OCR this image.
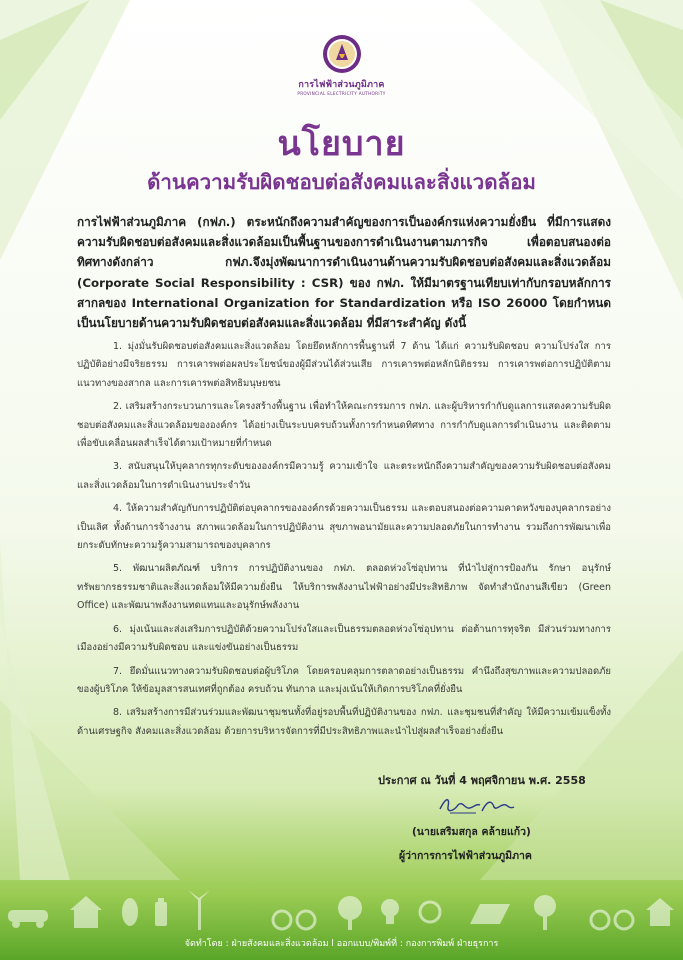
การไฟฟ้าส่วนภูมิภาค
PROVINCIAL ELECTRICITY AUTHORITY
นโยบาย
ด้านความรับผิดชอบต่อสังคมและสิ่งแวดล้อม
การไฟฟ้าส่วนภูมิภาค (กฟภ.) ตระหนักถึงความสำคัญของการเป็นองค์กรแห่งความยั่งยืน ที่มีการแสดงความรับผิดชอบต่อสังคมและสิ่งแวดล้อมเป็นพื้นฐานของการดำเนินงานตามภารกิจ เพื่อตอบสนองต่อทิศทางดังกล่าว กฟภ.จึงมุ่งพัฒนาการดำเนินงานด้านความรับผิดชอบต่อสังคมและสิ่งแวดล้อม (Corporate Social Responsibility : CSR) ของ กฟภ. ให้มีมาตรฐานเทียบเท่ากับกรอบหลักการสากลของ International Organization for Standardization หรือ ISO 26000 โดยกำหนดเป็นนโยบายด้านความรับผิดชอบต่อสังคมและสิ่งแวดล้อม ที่มีสาระสำคัญ ดังนี้
1. มุ่งมั่นรับผิดชอบต่อสังคมและสิ่งแวดล้อม โดยยึดหลักการพื้นฐานที่ 7 ด้าน ได้แก่ ความรับผิดชอบ ความโปร่งใส การปฏิบัติอย่างมีจริยธรรม การเคารพต่อผลประโยชน์ของผู้มีส่วนได้ส่วนเสีย การเคารพต่อหลักนิติธรรม การเคารพต่อการปฏิบัติตามแนวทางของสากล และการเคารพต่อสิทธิมนุษยชน
2. เสริมสร้างกระบวนการและโครงสร้างพื้นฐาน เพื่อทำให้คณะกรรมการ กฟภ. และผู้บริหารกำกับดูแลการแสดงความรับผิดชอบต่อสังคมและสิ่งแวดล้อมขององค์กร ได้อย่างเป็นระบบครบถ้วนทั้งการกำหนดทิศทาง การกำกับดูแลการดำเนินงาน และติดตามเพื่อขับเคลื่อนผลสำเร็จได้ตามเป้าหมายที่กำหนด
3. สนับสนุนให้บุคลากรทุกระดับขององค์กรมีความรู้ ความเข้าใจ และตระหนักถึงความสำคัญของความรับผิดชอบต่อสังคมและสิ่งแวดล้อมในการดำเนินงานประจำวัน
4. ให้ความสำคัญกับการปฏิบัติต่อบุคลากรขององค์กรด้วยความเป็นธรรม และตอบสนองต่อความคาดหวังของบุคลากรอย่างเป็นเลิศ ทั้งด้านการจ้างงาน สภาพแวดล้อมในการปฏิบัติงาน สุขภาพอนามัยและความปลอดภัยในการทำงาน รวมถึงการพัฒนาเพื่อยกระดับทักษะความรู้ความสามารถของบุคลากร
5. พัฒนาผลิตภัณฑ์ บริการ การปฏิบัติงานของ กฟภ. ตลอดห่วงโซ่อุปทาน ที่นำไปสู่การป้องกัน รักษา อนุรักษ์ทรัพยากรธรรมชาติและสิ่งแวดล้อมให้มีความยั่งยืน ให้บริการพลังงานไฟฟ้าอย่างมีประสิทธิภาพ จัดทำสำนักงานสีเขียว (Green Office) และพัฒนาพลังงานทดแทนและอนุรักษ์พลังงาน
6. มุ่งเน้นและส่งเสริมการปฏิบัติด้วยความโปร่งใสและเป็นธรรมตลอดห่วงโซ่อุปทาน ต่อต้านการทุจริต มีส่วนร่วมทางการเมืองอย่างมีความรับผิดชอบ และแข่งขันอย่างเป็นธรรม
7. ยึดมั่นแนวทางความรับผิดชอบต่อผู้บริโภค โดยครอบคลุมการตลาดอย่างเป็นธรรม คำนึงถึงสุขภาพและความปลอดภัยของผู้บริโภค ให้ข้อมูลสารสนเทศที่ถูกต้อง ครบถ้วน ทันกาล และมุ่งเน้นให้เกิดการบริโภคที่ยั่งยืน
8. เสริมสร้างการมีส่วนร่วมและพัฒนาชุมชนทั้งที่อยู่รอบพื้นที่ปฏิบัติงานของ กฟภ. และชุมชนที่สำคัญ ให้มีความเข้มแข็งทั้งด้านเศรษฐกิจ สังคมและสิ่งแวดล้อม ด้วยการบริหารจัดการที่มีประสิทธิภาพและนำไปสู่ผลสำเร็จอย่างยั่งยืน
ประกาศ ณ วันที่ 4 พฤศจิกายน พ.ศ. 2558
(นายเสริมสกุล คล้ายแก้ว)
ผู้ว่าการการไฟฟ้าส่วนภูมิภาค
จัดทำโดย : ฝ่ายสังคมและสิ่งแวดล้อม l ออกแบบ/พิมพ์ที่ : กองการพิมพ์ ฝ่ายธุรการ
